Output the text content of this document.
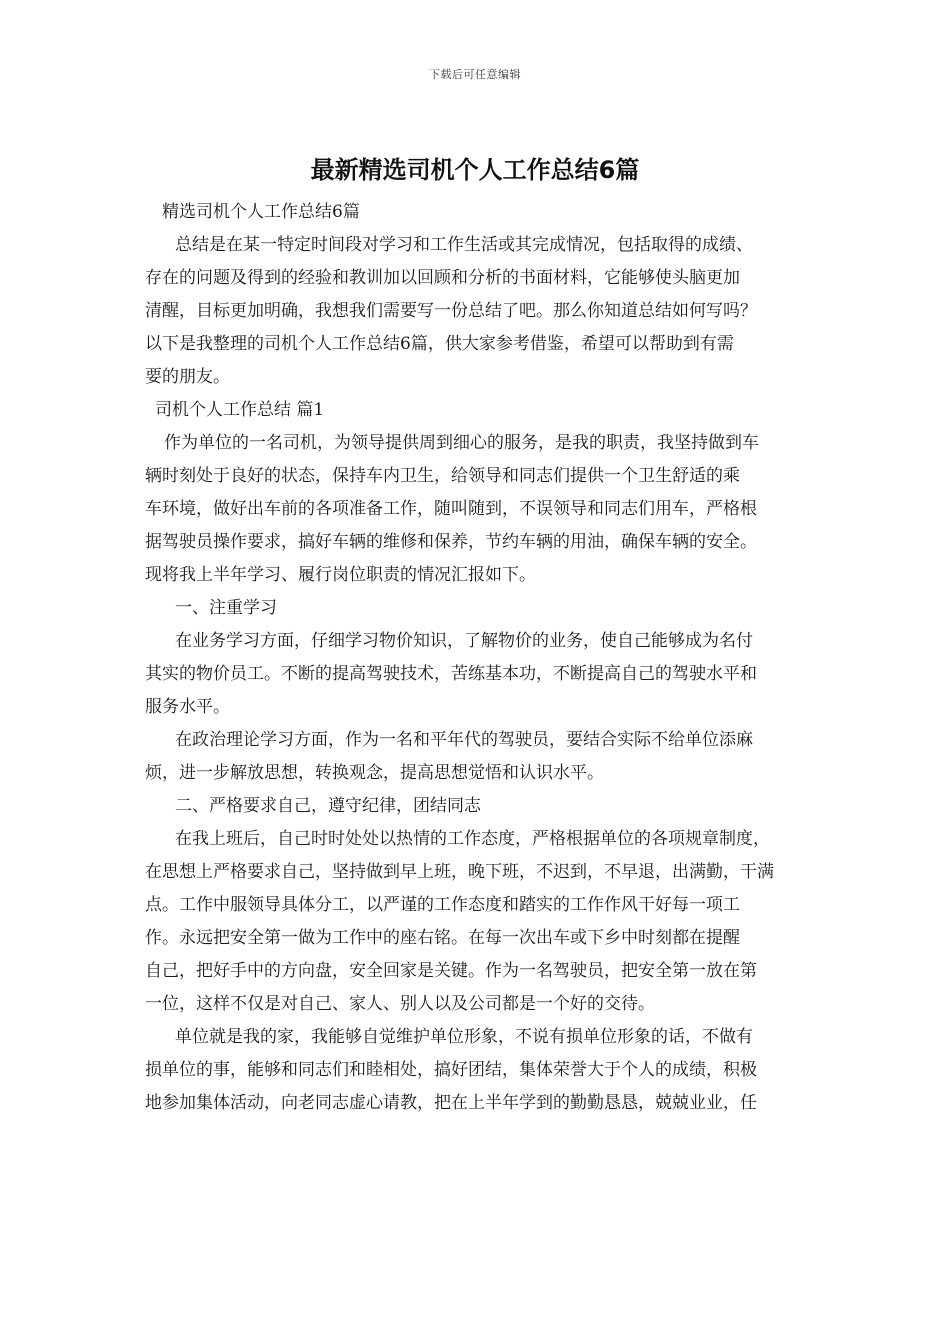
下载后可任意编辑
最新精选司机个人工作总结6篇
精选司机个人工作总结6篇
总结是在某一特定时间段对学习和工作生活或其完成情况，包括取得的成绩、
存在的问题及得到的经验和教训加以回顾和分析的书面材料，它能够使头脑更加
清醒，目标更加明确，我想我们需要写一份总结了吧。那么你知道总结如何写吗？
以下是我整理的司机个人工作总结6篇，供大家参考借鉴，希望可以帮助到有需
要的朋友。
司机个人工作总结 篇1
作为单位的一名司机，为领导提供周到细心的服务，是我的职责，我坚持做到车
辆时刻处于良好的状态，保持车内卫生，给领导和同志们提供一个卫生舒适的乘
车环境，做好出车前的各项准备工作，随叫随到，不误领导和同志们用车，严格根
据驾驶员操作要求，搞好车辆的维修和保养，节约车辆的用油，确保车辆的安全。
现将我上半年学习、履行岗位职责的情况汇报如下。
一、注重学习
在业务学习方面，仔细学习物价知识，了解物价的业务，使自己能够成为名付
其实的物价员工。不断的提高驾驶技术，苦练基本功，不断提高自己的驾驶水平和
服务水平。
在政治理论学习方面，作为一名和平年代的驾驶员，要结合实际不给单位添麻
烦，进一步解放思想，转换观念，提高思想觉悟和认识水平。
二、严格要求自己，遵守纪律，团结同志
在我上班后，自己时时处处以热情的工作态度，严格根据单位的各项规章制度，
在思想上严格要求自己，坚持做到早上班，晚下班，不迟到，不早退，出满勤，干满
点。工作中服领导具体分工，以严谨的工作态度和踏实的工作作风干好每一项工
作。永远把安全第一做为工作中的座右铭。在每一次出车或下乡中时刻都在提醒
自己，把好手中的方向盘，安全回家是关键。作为一名驾驶员，把安全第一放在第
一位，这样不仅是对自己、家人、别人以及公司都是一个好的交待。
单位就是我的家，我能够自觉维护单位形象，不说有损单位形象的话，不做有
损单位的事，能够和同志们和睦相处，搞好团结，集体荣誉大于个人的成绩，积极
地参加集体活动，向老同志虚心请教，把在上半年学到的勤勤恳恳，兢兢业业，任
